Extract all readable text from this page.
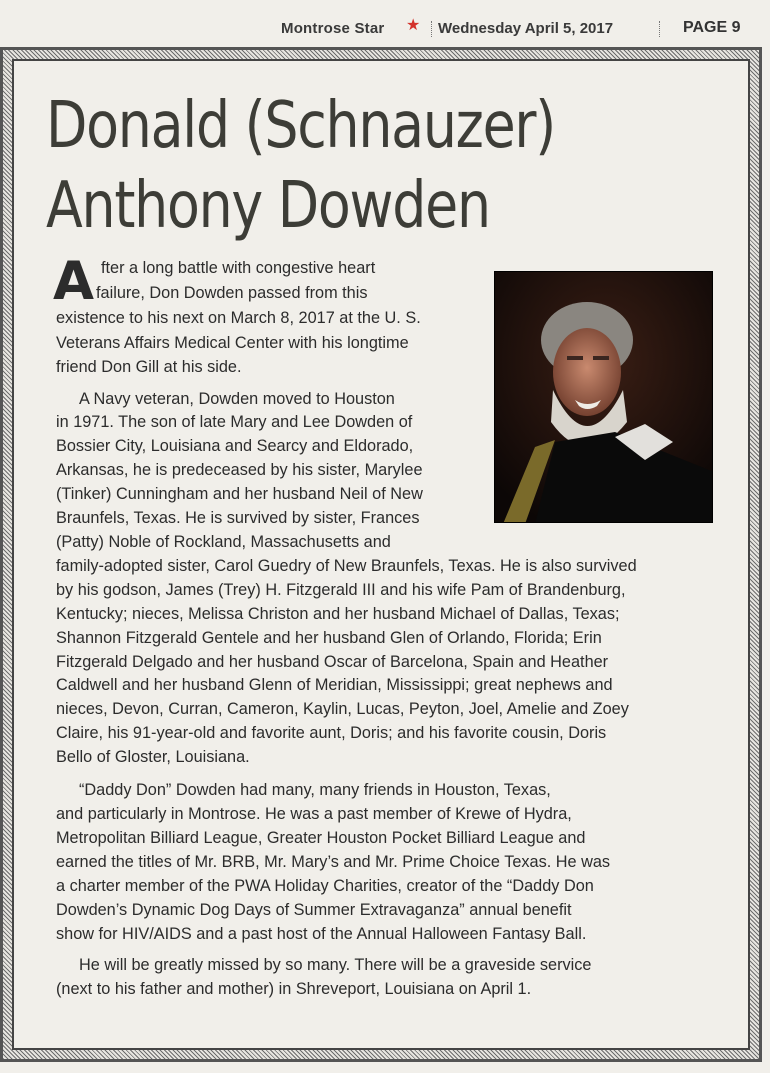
Montrose Star ★ Wednesday April 5, 2017	PAGE 9
Donald (Schnauzer)
Anthony Dowden
A fter a long battle with congestive heart
failure, Don Dowden passed from this
existence to his next on March 8, 2017 at the U. S.
Veterans Affairs Medical Center with his longtime
friend Don Gill at his side.
A Navy veteran, Dowden moved to Houston
in 1971. The son of late Mary and Lee Dowden of
Bossier City, Louisiana and Searcy and Eldorado,
Arkansas, he is predeceased by his sister, Marylee
(Tinker) Cunningham and her husband Neil of New
Braunfels, Texas. He is survived by sister, Frances
(Patty) Noble of Rockland, Massachusetts and
family-adopted sister, Carol Guedry of New Braunfels, Texas. He is also survived
by his godson, James (Trey) H. Fitzgerald III and his wife Pam of Brandenburg,
Kentucky; nieces, Melissa Christon and her husband Michael of Dallas, Texas;
Shannon Fitzgerald Gentele and her husband Glen of Orlando, Florida; Erin
Fitzgerald Delgado and her husband Oscar of Barcelona, Spain and Heather
Caldwell and her husband Glenn of Meridian, Mississippi; great nephews and
nieces, Devon, Curran, Cameron, Kaylin, Lucas, Peyton, Joel, Amelie and Zoey
Claire, his 91-year-old and favorite aunt, Doris; and his favorite cousin, Doris
Bello of Gloster, Louisiana.
“Daddy Don” Dowden had many, many friends in Houston, Texas,
and particularly in Montrose. He was a past member of Krewe of Hydra,
Metropolitan Billiard League, Greater Houston Pocket Billiard League and
earned the titles of Mr. BRB, Mr. Mary’s and Mr. Prime Choice Texas. He was
a charter member of the PWA Holiday Charities, creator of the “Daddy Don
Dowden’s Dynamic Dog Days of Summer Extravaganza” annual benefit
show for HIV/AIDS and a past host of the Annual Halloween Fantasy Ball.
He will be greatly missed by so many. There will be a graveside service
(next to his father and mother) in Shreveport, Louisiana on April 1.
